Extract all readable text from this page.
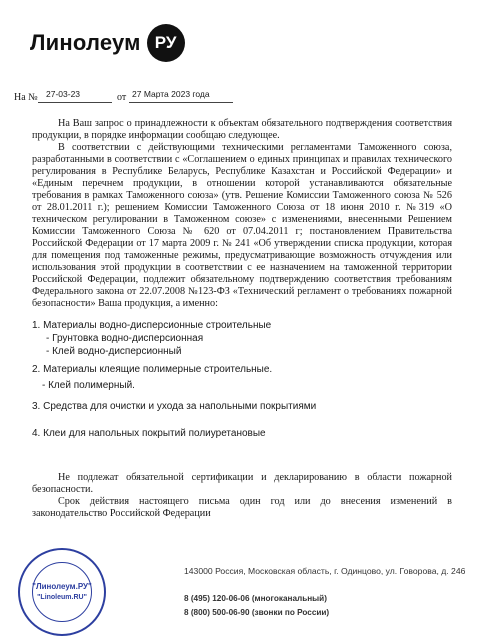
Линолеум РУ
На № 27-03-23	от 27 Марта 2023 года

На Ваш запрос о принадлежности к объектам обязательного подтверждения соответствия продукции, в порядке информации сообщаю следующее.

В соответствии с действующими техническими регламентами Таможенного союза, разработанными в соответствии с «Соглашением о единых принципах и правилах технического регулирования в Республике Беларусь, Республике Казахстан и Российской Федерации» и «Единым перечнем продукции, в отношении которой устанавливаются обязательные требования в рамках Таможенного союза» (утв. Решение Комиссии Таможенного союза № 526 от 28.01.2011 г.); решением Комиссии Таможенного Союза от 18 июня 2010 г. №319 «О техническом регулировании в Таможенном союзе» с изменениями, внесенными Решением Комиссии Таможенного Союза № 620 от 07.04.2011 г; постановлением Правительства Российской Федерации от 17 марта 2009 г. № 241 «Об утверждении списка продукции, которая для помещения под таможенные режимы, предусматривающие возможность отчуждения или использования этой продукции в соответствии с ее назначением на таможенной территории Российской Федерации, подлежит обязательному подтверждению соответствия требованиям Федерального закона от 22.07.2008 №123-ФЗ «Технический регламент о требованиях пожарной безопасности» Ваша продукция, а именно:

1. Материалы водно-дисперсионные строительные
- Грунтовка водно-дисперсионная
- Клей водно-дисперсионный
2. Материалы клеящие полимерные строительные.
- Клей полимерный.
3. Средства для очистки и ухода за напольными покрытиями
4. Клеи для напольных покрытий полиуретановые

Не подлежат обязательной сертификации и декларированию в области пожарной безопасности.

Срок действия настоящего письма один год или до внесения изменений в законодательство Российской Федерации

"Линолеум.РУ"
"Linoleum.RU"
143000 Россия, Московская область, г. Одинцово, ул. Говорова, д. 246
8 (495) 120-06-06 (многоканальный)
8 (800) 500-06-90 (звонки по России)
